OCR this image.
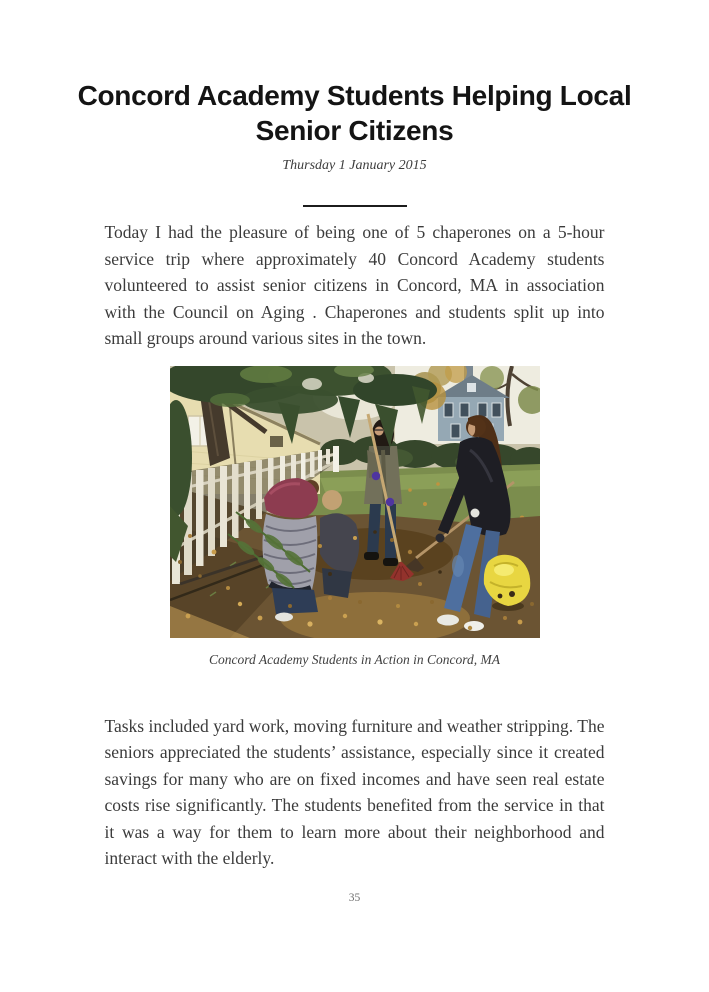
Concord Academy Students Helping Local Senior Citizens
Thursday 1 January 2015

Today I had the pleasure of being one of 5 chaperones on a 5-hour service trip where approximately 40 Concord Academy students volunteered to assist senior citizens in Concord, MA in association with the Council on Aging . Chaperones and students split up into small groups around various sites in the town.

Concord Academy Students in Action in Concord, MA

Tasks included yard work, moving furniture and weather stripping. The seniors appreciated the students’ assistance, especially since it created savings for many who are on fixed incomes and have seen real estate costs rise significantly. The students benefited from the service in that it was a way for them to learn more about their neighborhood and interact with the elderly.

35
